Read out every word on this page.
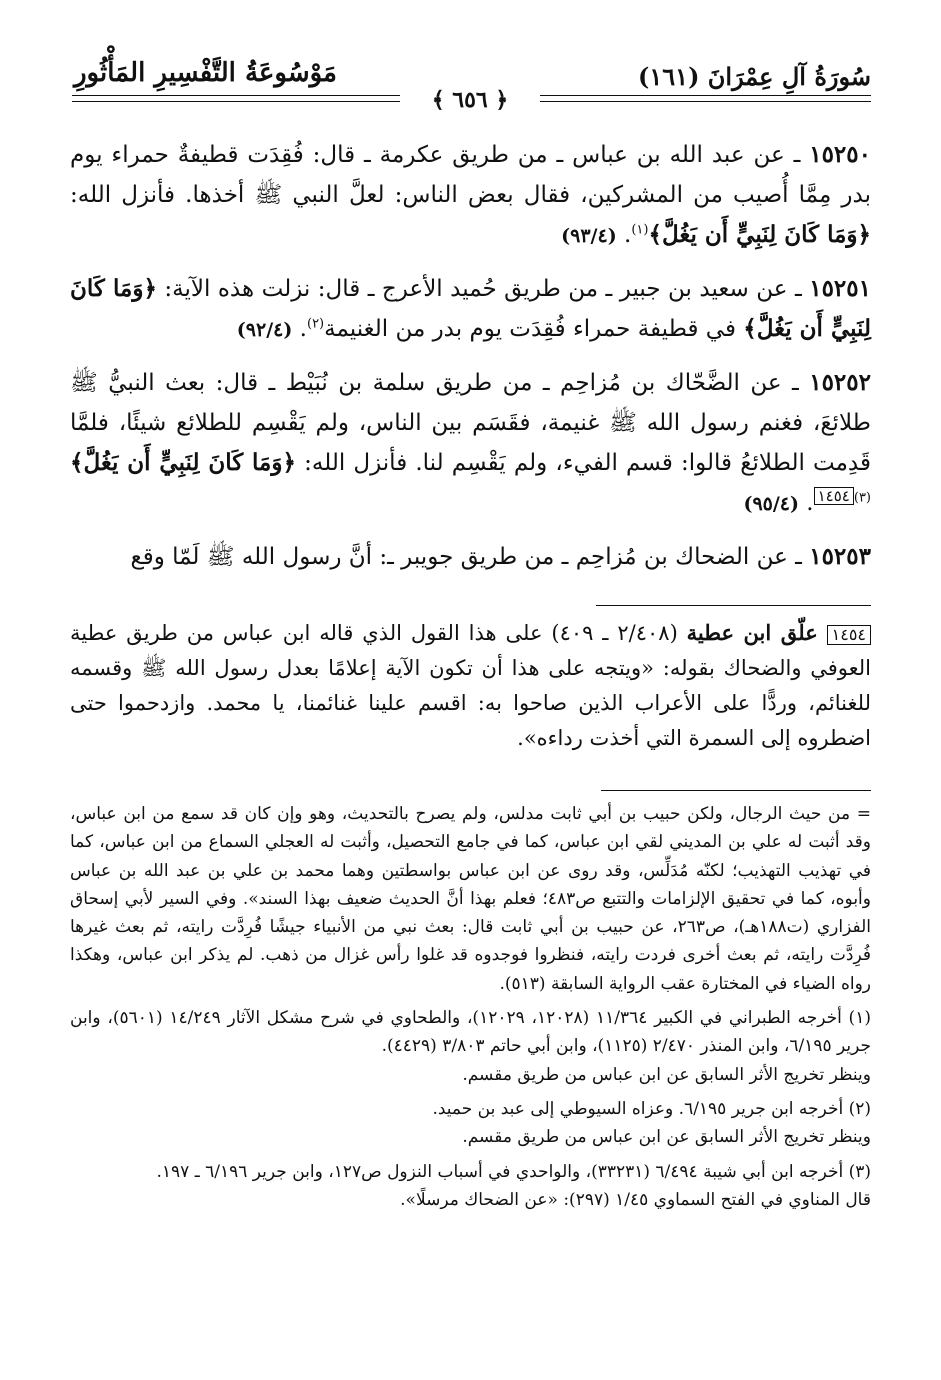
سُورَةُ آلِ عِمْرَانَ (١٦١)
مَوْسُوعَةُ التَّفْسِيرِ المَأْثُورِ
﴾ ٦٥٦ ﴿

١٥٢٥٠ ـ عن عبد الله بن عباس ـ من طريق عكرمة ـ قال: فُقِدَت قطيفةٌ حمراء يوم بدر مِمَّا أُصيب من المشركين، فقال بعض الناس: لعلَّ النبي ﷺ أخذها. فأنزل الله: ﴿وَمَا كَانَ لِنَبِيٍّ أَن يَغُلَّ﴾$^{(١)}$. (٩٣/٤)

١٥٢٥١ ـ عن سعيد بن جبير ـ من طريق حُميد الأعرج ـ قال: نزلت هذه الآية: ﴿وَمَا كَانَ لِنَبِيٍّ أَن يَغُلَّ﴾ في قطيفة حمراء فُقِدَت يوم بدر من الغنيمة$^{(٢)}$. (٩٢/٤)

١٥٢٥٢ ـ عن الضَّحّاك بن مُزاحِم ـ من طريق سلمة بن نُبَيْط ـ قال: بعث النبيُّ ﷺ طلائعَ، فغنم رسول الله ﷺ غنيمة، فقَسَم بين الناس، ولم يَقْسِم للطلائع شيئًا، فلمَّا قَدِمت الطلائعُ قالوا: قسم الفيء، ولم يَقْسِم لنا. فأنزل الله: ﴿وَمَا كَانَ لِنَبِيٍّ أَن يَغُلَّ﴾$^{(٣)}$١٤٥٤. (٩٥/٤)

١٥٢٥٣ ـ عن الضحاك بن مُزاحِم ـ من طريق جويبر ـ: أنَّ رسول الله ﷺ لَمّا وقع

١٤٥٤ علّق ابن عطية (٢/٤٠٨ ـ ٤٠٩) على هذا القول الذي قاله ابن عباس من طريق عطية العوفي والضحاك بقوله: «ويتجه على هذا أن تكون الآية إعلامًا بعدل رسول الله ﷺ وقسمه للغنائم، وردًّا على الأعراب الذين صاحوا به: اقسم علينا غنائمنا، يا محمد. وازدحموا حتى اضطروه إلى السمرة التي أخذت رداءه».

= من حيث الرجال، ولكن حبيب بن أبي ثابت مدلس، ولم يصرح بالتحديث، وهو وإن كان قد سمع من ابن عباس، وقد أثبت له علي بن المديني لقي ابن عباس، كما في جامع التحصيل، وأثبت له العجلي السماع من ابن عباس، كما في تهذيب التهذيب؛ لكنّه مُدَلِّس، وقد روى عن ابن عباس بواسطتين وهما محمد بن علي بن عبد الله بن عباس وأبوه، كما في تحقيق الإلزامات والتتبع ص٤٨٣؛ فعلم بهذا أنَّ الحديث ضعيف بهذا السند». وفي السير لأبي إسحاق الفزاري (ت١٨٨هـ)، ص٢٦٣، عن حبيب بن أبي ثابت قال: بعث نبي من الأنبياء جيشًا فُرِدَّت رايته، ثم بعث غيرها فُرِدَّت رايته، ثم بعث أخرى فردت رايته، فنظروا فوجدوه قد غلوا رأس غزال من ذهب. لم يذكر ابن عباس، وهكذا رواه الضياء في المختارة عقب الرواية السابقة (٥١٣).

(١) أخرجه الطبراني في الكبير ١١/٣٦٤ (١٢٠٢٨، ١٢٠٢٩)، والطحاوي في شرح مشكل الآثار ١٤/٢٤٩ (٥٦٠١)، وابن جرير ٦/١٩٥، وابن المنذر ٢/٤٧٠ (١١٢٥)، وابن أبي حاتم ٣/٨٠٣ (٤٤٢٩).

وينظر تخريج الأثر السابق عن ابن عباس من طريق مقسم.

(٢) أخرجه ابن جرير ٦/١٩٥. وعزاه السيوطي إلى عبد بن حميد.

وينظر تخريج الأثر السابق عن ابن عباس من طريق مقسم.

(٣) أخرجه ابن أبي شيبة ٦/٤٩٤ (٣٣٢٣١)، والواحدي في أسباب النزول ص١٢٧، وابن جرير ٦/١٩٦ ـ ١٩٧.

قال المناوي في الفتح السماوي ١/٤٥ (٢٩٧): «عن الضحاك مرسلًا».
